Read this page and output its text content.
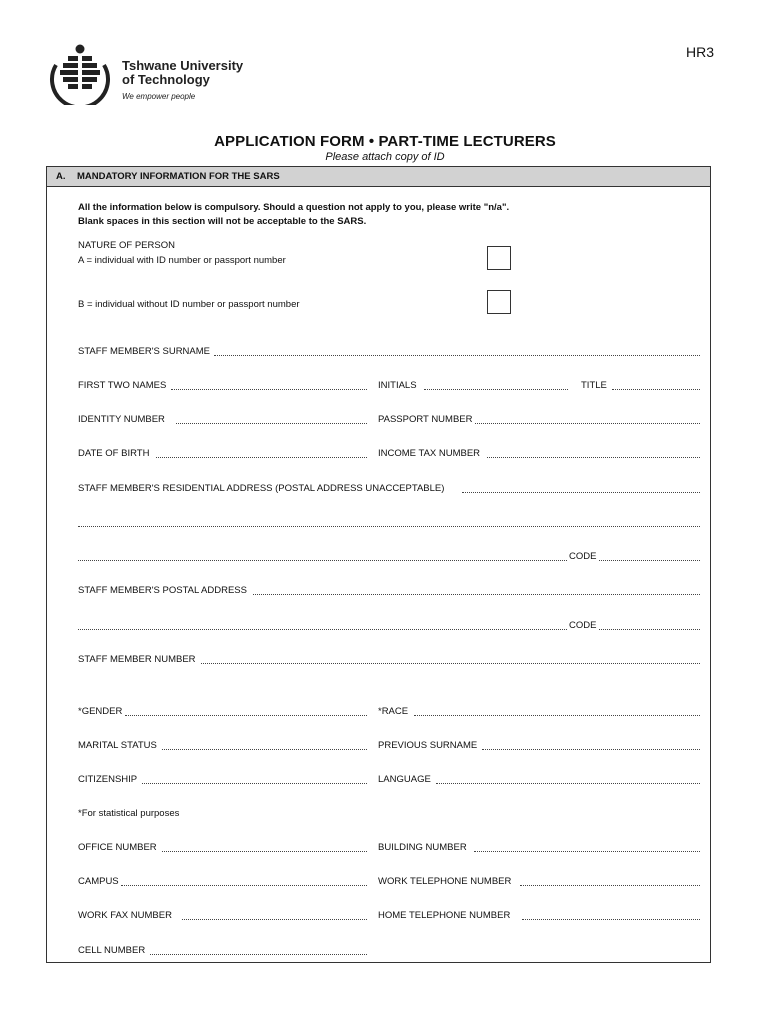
HR3
Tshwane University
of Technology
We empower people
APPLICATION FORM • PART-TIME LECTURERS
Please attach copy of ID
A. MANDATORY INFORMATION FOR THE SARS
All the information below is compulsory. Should a question not apply to you, please write "n/a".
Blank spaces in this section will not be acceptable to the SARS.
NATURE OF PERSON
A = individual with ID number or passport number
B = individual without ID number or passport number
STAFF MEMBER'S SURNAME
FIRST TWO NAMES	INITIALS	TITLE
IDENTITY NUMBER	PASSPORT NUMBER
DATE OF BIRTH	INCOME TAX NUMBER
STAFF MEMBER'S RESIDENTIAL ADDRESS (POSTAL ADDRESS UNACCEPTABLE)
CODE
STAFF MEMBER'S POSTAL ADDRESS
CODE
STAFF MEMBER NUMBER
*GENDER	*RACE
MARITAL STATUS	PREVIOUS SURNAME
CITIZENSHIP	LANGUAGE
*For statistical purposes
OFFICE NUMBER	BUILDING NUMBER
CAMPUS	WORK TELEPHONE NUMBER
WORK FAX NUMBER	HOME TELEPHONE NUMBER
CELL NUMBER
